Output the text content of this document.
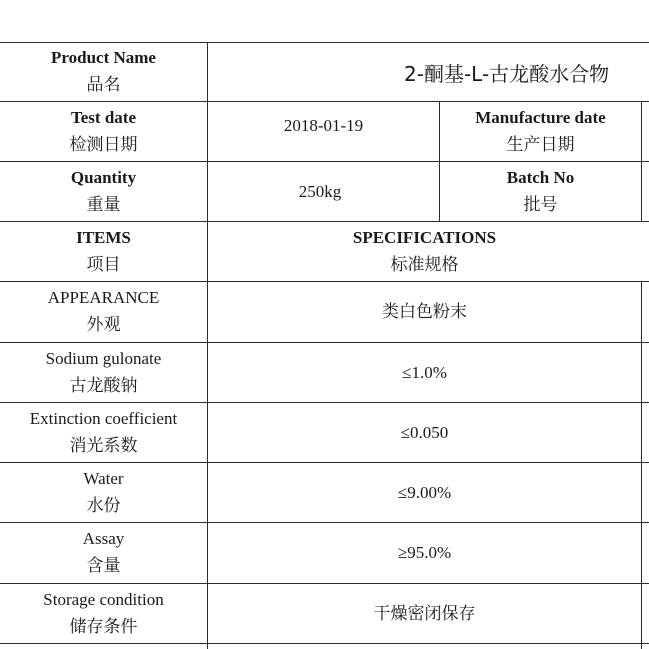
Product Name
品名	2-酮基-L-古龙酸水合物
Test date
检测日期
2018-01-19	Manufacture date
生产日期
Quantity
重量
250kg
Batch No
批号
ITEMS
项目
SPECIFICATIONS
标准规格
APPEARANCE
外观
类白色粉末
Sodium gulonate
古龙酸钠
≤1.0%
Extinction coefficient
消光系数
≤0.050
Water
水份
≤9.00%
Assay
含量
≥95.0%
Storage condition
储存条件
干燥密闭保存
